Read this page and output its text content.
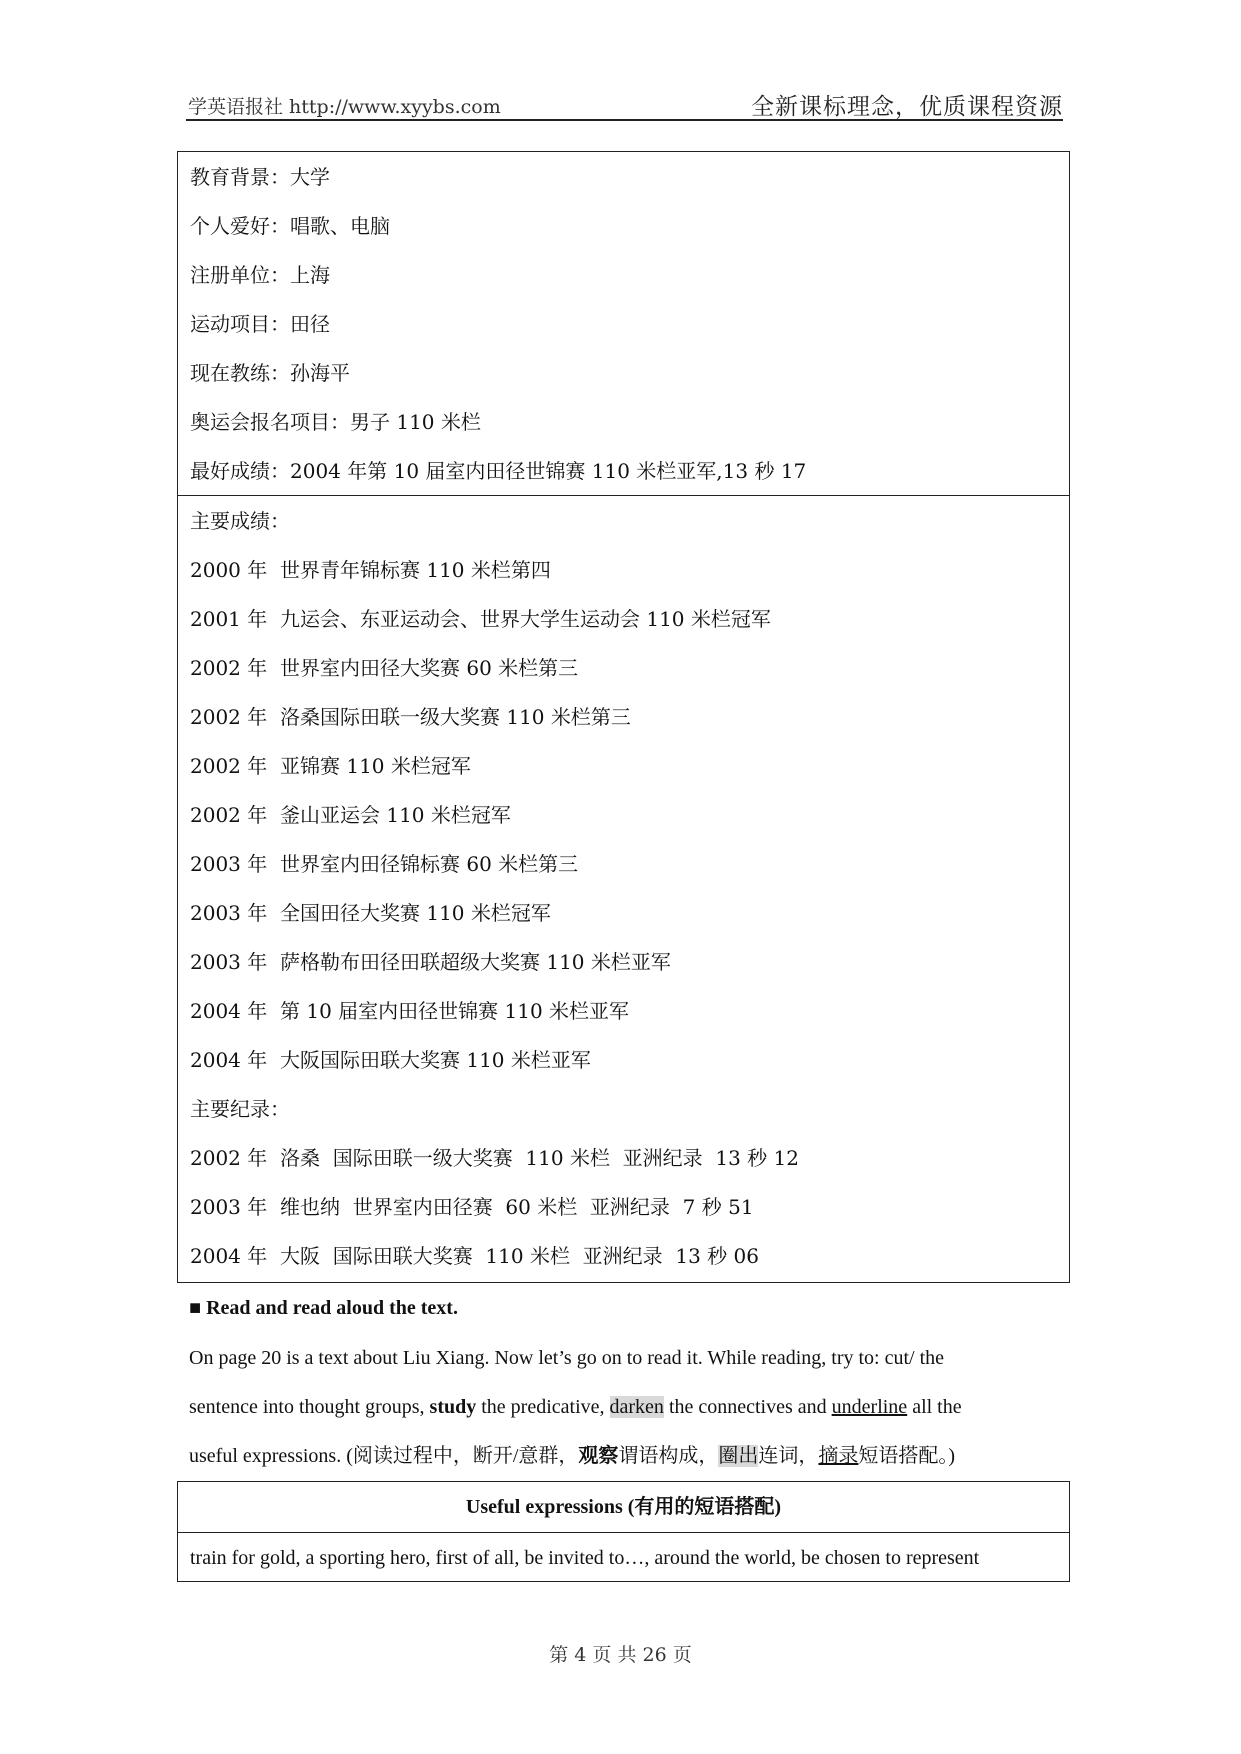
学英语报社 http://www.xyybs.com	全新课标理念，优质课程资源
教育背景：大学
个人爱好：唱歌、电脑
注册单位：上海
运动项目：田径
现在教练：孙海平
奥运会报名项目：男子 110 米栏
最好成绩：2004 年第 10 届室内田径世锦赛 110 米栏亚军,13 秒 17
主要成绩：
2000 年 世界青年锦标赛 110 米栏第四
2001 年 九运会、东亚运动会、世界大学生运动会 110 米栏冠军
2002 年 世界室内田径大奖赛 60 米栏第三
2002 年 洛桑国际田联一级大奖赛 110 米栏第三
2002 年 亚锦赛 110 米栏冠军
2002 年 釜山亚运会 110 米栏冠军
2003 年 世界室内田径锦标赛 60 米栏第三
2003 年 全国田径大奖赛 110 米栏冠军
2003 年 萨格勒布田径田联超级大奖赛 110 米栏亚军
2004 年 第 10 届室内田径世锦赛 110 米栏亚军
2004 年 大阪国际田联大奖赛 110 米栏亚军
主要纪录：
2002 年 洛桑  国际田联一级大奖赛  110 米栏  亚洲纪录  13 秒 12
2003 年 维也纳  世界室内田径赛  60 米栏  亚洲纪录  7 秒 51
2004 年 大阪  国际田联大奖赛  110 米栏  亚洲纪录  13 秒 06
■ Read and read aloud the text.
On page 20 is a text about Liu Xiang. Now let’s go on to read it. While reading, try to: cut/ the
sentence into thought groups, study the predicative, darken the connectives and underline all the
useful expressions. (阅读过程中，断开/意群，观察谓语构成，圈出连词，摘录短语搭配。)
Useful expressions (有用的短语搭配)
train for gold, a sporting hero, first of all, be invited to…, around the world, be chosen to represent
第 4 页 共 26 页
